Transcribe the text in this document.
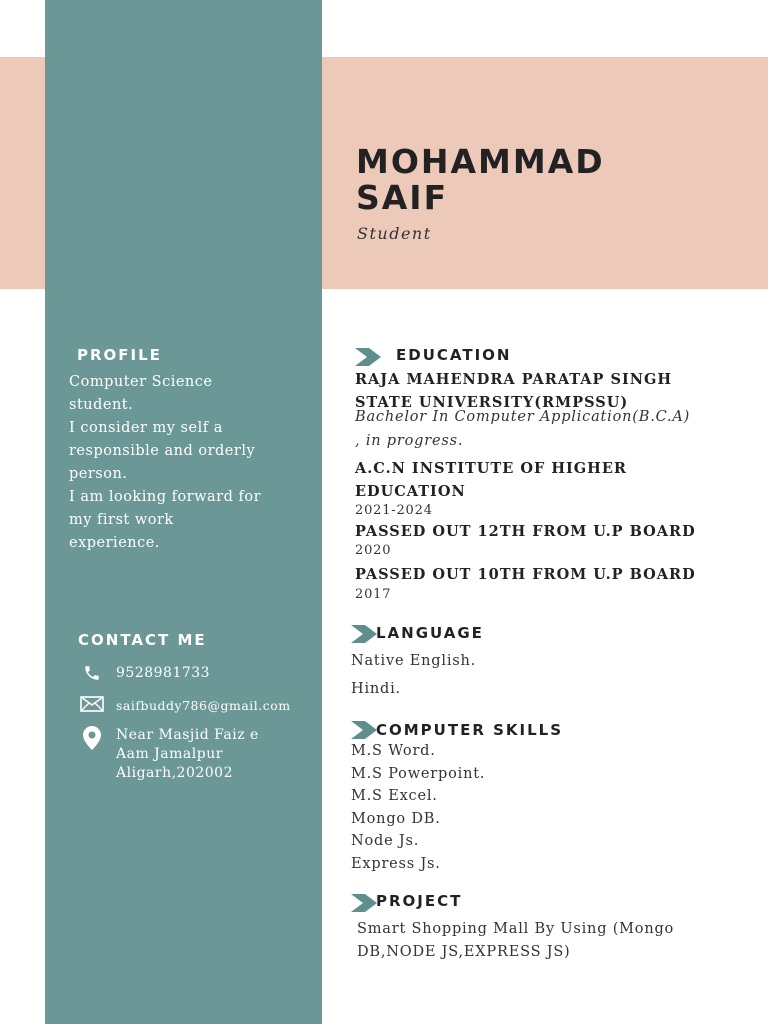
MOHAMMAD
SAIF
Student
PROFILE
Computer Science
student.
I consider my self a
responsible and orderly
person.
I am looking forward for
my first work
experience.
CONTACT ME
9528981733
saifbuddy786@gmail.com
Near Masjid Faiz e
Aam Jamalpur
Aligarh,202002
EDUCATION
RAJA MAHENDRA PARATAP SINGH
STATE UNIVERSITY(RMPSSU)
Bachelor In Computer Application(B.C.A)
, in progress.
A.C.N INSTITUTE OF HIGHER
EDUCATION
2021-2024
PASSED OUT 12TH FROM U.P BOARD
2020
PASSED OUT 10TH FROM U.P BOARD
2017
LANGUAGE
Native English.
Hindi.
COMPUTER SKILLS
M.S Word.
M.S Powerpoint.
M.S Excel.
Mongo DB.
Node Js.
Express Js.
PROJECT
Smart Shopping Mall By Using (Mongo
DB,NODE JS,EXPRESS JS)
